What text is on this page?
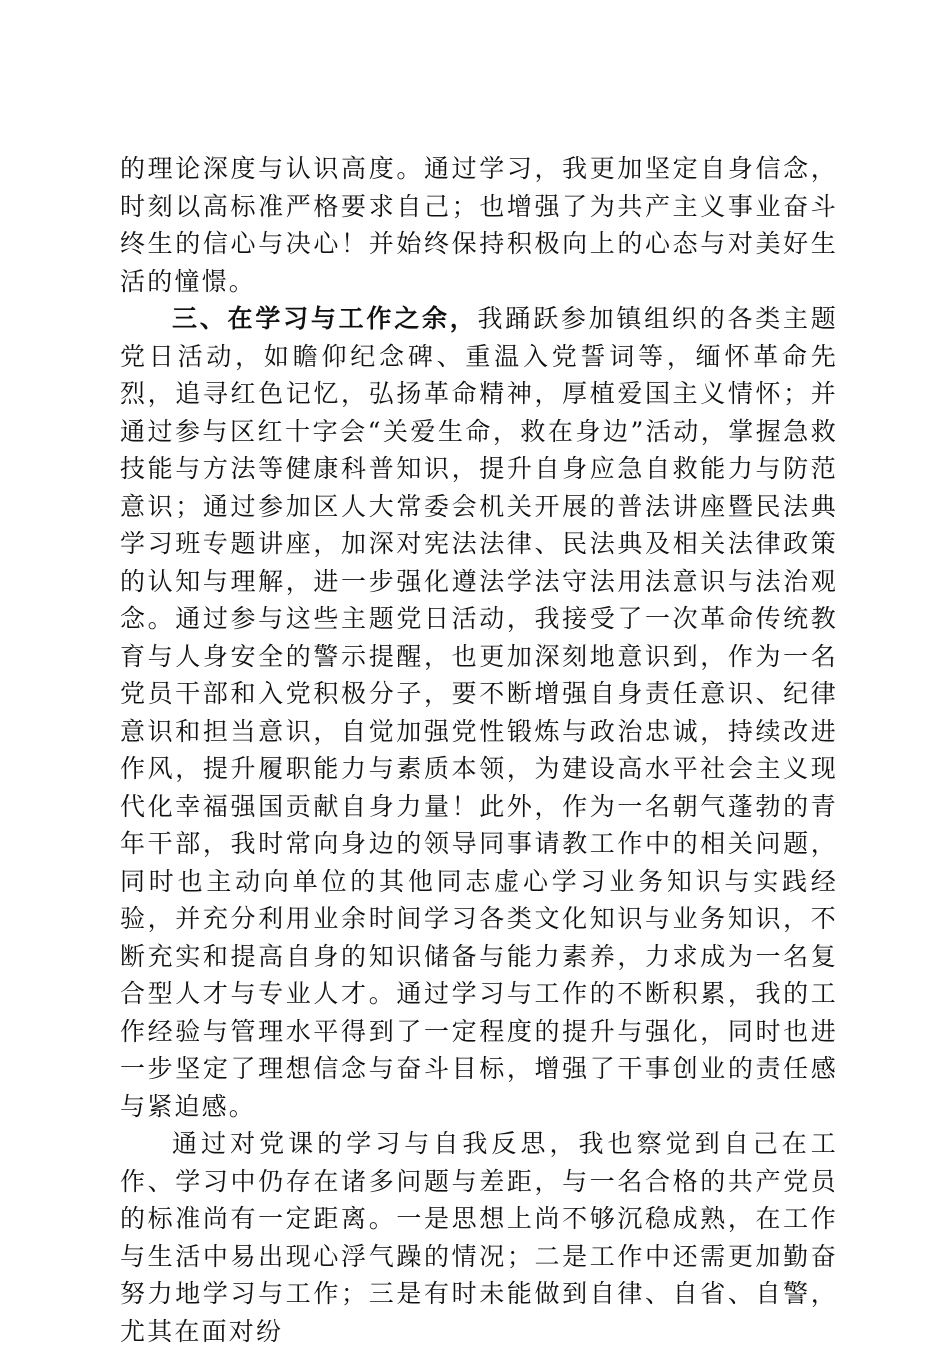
的理论深度与认识高度。通过学习，我更加坚定自身信念，时刻以高标准严格要求自己；也增强了为共产主义事业奋斗终生的信心与决心！并始终保持积极向上的心态与对美好生活的憧憬。

三、在学习与工作之余，我踊跃参加镇组织的各类主题党日活动，如瞻仰纪念碑、重温入党誓词等，缅怀革命先烈，追寻红色记忆，弘扬革命精神，厚植爱国主义情怀；并通过参与区红十字会“关爱生命，救在身边”活动，掌握急救技能与方法等健康科普知识，提升自身应急自救能力与防范意识；通过参加区人大常委会机关开展的普法讲座暨民法典学习班专题讲座，加深对宪法法律、民法典及相关法律政策的认知与理解，进一步强化遵法学法守法用法意识与法治观念。通过参与这些主题党日活动，我接受了一次革命传统教育与人身安全的警示提醒，也更加深刻地意识到，作为一名党员干部和入党积极分子，要不断增强自身责任意识、纪律意识和担当意识，自觉加强党性锻炼与政治忠诚，持续改进作风，提升履职能力与素质本领，为建设高水平社会主义现代化幸福强国贡献自身力量！此外，作为一名朝气蓬勃的青年干部，我时常向身边的领导同事请教工作中的相关问题，同时也主动向单位的其他同志虚心学习业务知识与实践经验，并充分利用业余时间学习各类文化知识与业务知识，不断充实和提高自身的知识储备与能力素养，力求成为一名复合型人才与专业人才。通过学习与工作的不断积累，我的工作经验与管理水平得到了一定程度的提升与强化，同时也进一步坚定了理想信念与奋斗目标，增强了干事创业的责任感与紧迫感。

通过对党课的学习与自我反思，我也察觉到自己在工作、学习中仍存在诸多问题与差距，与一名合格的共产党员的标准尚有一定距离。一是思想上尚不够沉稳成熟，在工作与生活中易出现心浮气躁的情况；二是工作中还需更加勤奋努力地学习与工作；三是有时未能做到自律、自省、自警，尤其在面对纷
